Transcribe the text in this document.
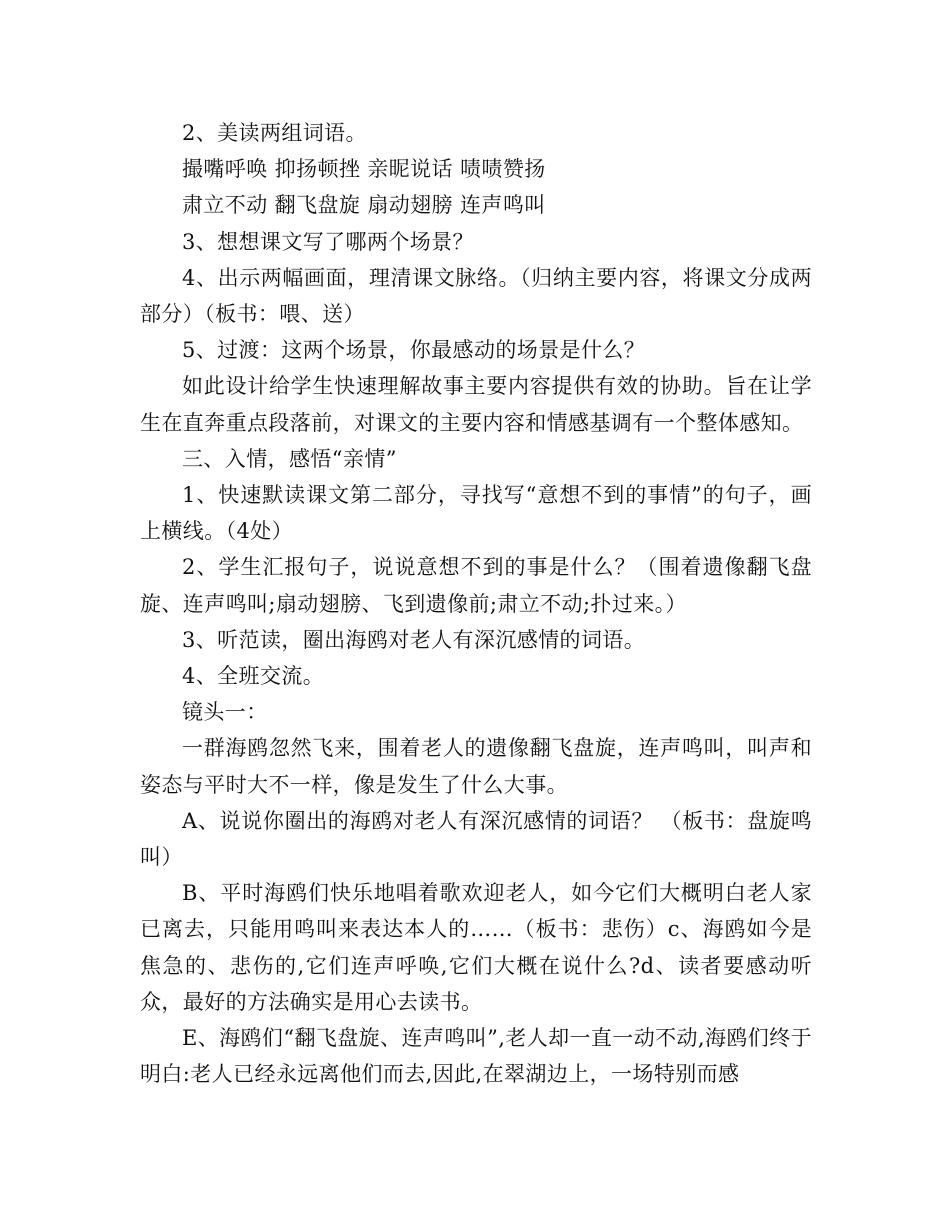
2、美读两组词语。

撮嘴呼唤 抑扬顿挫 亲昵说话 啧啧赞扬

肃立不动 翻飞盘旋 扇动翅膀 连声鸣叫

3、想想课文写了哪两个场景？

4、出示两幅画面，理清课文脉络。（归纳主要内容，将课文分成两部分）（板书：喂、送）

5、过渡：这两个场景，你最感动的场景是什么？

如此设计给学生快速理解故事主要内容提供有效的协助。旨在让学生在直奔重点段落前，对课文的主要内容和情感基调有一个整体感知。

三、入情，感悟“亲情”

1、快速默读课文第二部分，寻找写“意想不到的事情”的句子，画上横线。（4处）

2、学生汇报句子，说说意想不到的事是什么？（围着遗像翻飞盘旋、连声鸣叫;扇动翅膀、飞到遗像前;肃立不动;扑过来。）

3、听范读，圈出海鸥对老人有深沉感情的词语。

4、全班交流。

镜头一：

一群海鸥忽然飞来，围着老人的遗像翻飞盘旋，连声鸣叫，叫声和姿态与平时大不一样，像是发生了什么大事。

A、说说你圈出的海鸥对老人有深沉感情的词语？ （板书：盘旋鸣叫）

B、平时海鸥们快乐地唱着歌欢迎老人，如今它们大概明白老人家已离去，只能用鸣叫来表达本人的……（板书：悲伤）c、海鸥如今是焦急的、悲伤的,它们连声呼唤,它们大概在说什么?d、读者要感动听众，最好的方法确实是用心去读书。

E、海鸥们“翻飞盘旋、连声鸣叫”,老人却一直一动不动,海鸥们终于明白:老人已经永远离他们而去,因此,在翠湖边上，一场特别而感
